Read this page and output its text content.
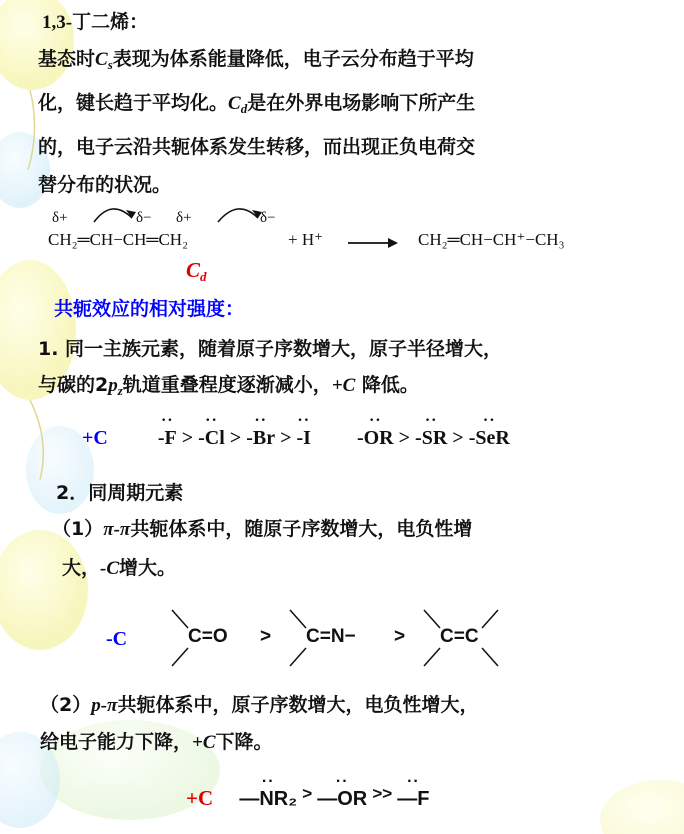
1,3-丁二烯：
基态时$C_s$表现为体系能量降低，电子云分布趋于平均
化，键长趋于平均化。$C_d$是在外界电场影响下所产生
的，电子云沿共轭体系发生转移，而出现正负电荷交
替分布的状况。
δ+	δ− δ+	δ−
CH₂═CH−CH═CH₂	+ H⁺	CH₂═CH−CH⁺−CH₃
$C_d$
共轭效应的相对强度：
1. 同一主族元素，随着原子序数增大，原子半径增大，
与碳的$2p_z$轨道重叠程度逐渐减小，+C 降低。
+C	·· -F > ·· -Cl > ·· -Br > ·· -I ·· -OR > ·· -SR > ·· -SeR
2．同周期元素
（1）π-π共轭体系中，随原子序数增大，电负性增
大，-C增大。
-C	C=O > C=N− > C=C
（2）p-π共轭体系中，原子序数增大，电负性增大，
给电子能力下降，+C下降。
+C ·· —NR₂ > ·· —OR >> ·· —F
